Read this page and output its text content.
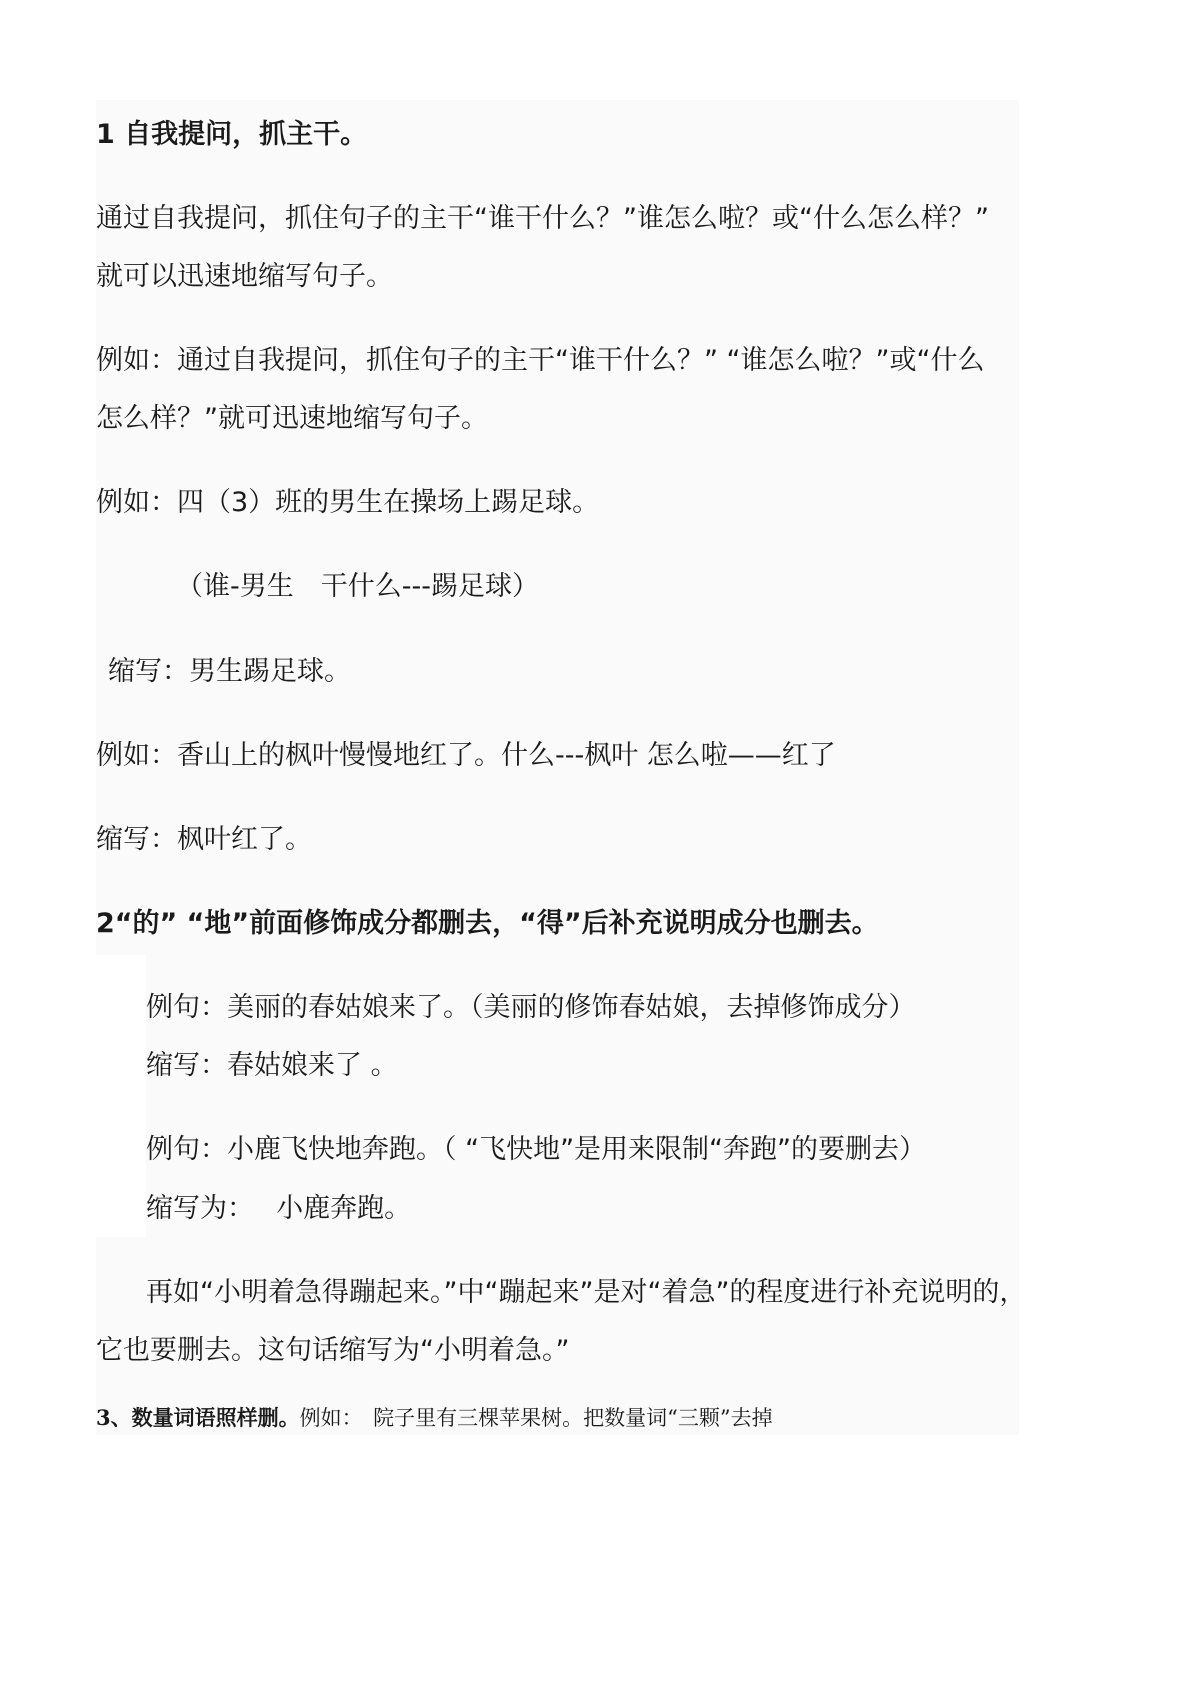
1 自我提问，抓主干。
通过自我提问，抓住句子的主干“谁干什么？”谁怎么啦？或“什么怎么样？”
就可以迅速地缩写句子。
例如：通过自我提问，抓住句子的主干“谁干什么？” “谁怎么啦？”或“什么
怎么样？”就可迅速地缩写句子。
例如：四（3）班的男生在操场上踢足球。
（谁-男生　干什么---踢足球）
缩写：男生踢足球。
例如：香山上的枫叶慢慢地红了。什么---枫叶 怎么啦——红了
缩写：枫叶红了。
2“的” “地”前面修饰成分都删去，“得”后补充说明成分也删去。
例句：美丽的春姑娘来了。（美丽的修饰春姑娘，去掉修饰成分）
缩写：春姑娘来了 。
例句：小鹿飞快地奔跑。（ “飞快地”是用来限制“奔跑”的要删去）
缩写为：　 小鹿奔跑。
再如“小明着急得蹦起来。”中“蹦起来”是对“着急”的程度进行补充说明的，
它也要删去。这句话缩写为“小明着急。”
3、数量词语照样删。例如：　院子里有三棵苹果树。把数量词“三颗”去掉
